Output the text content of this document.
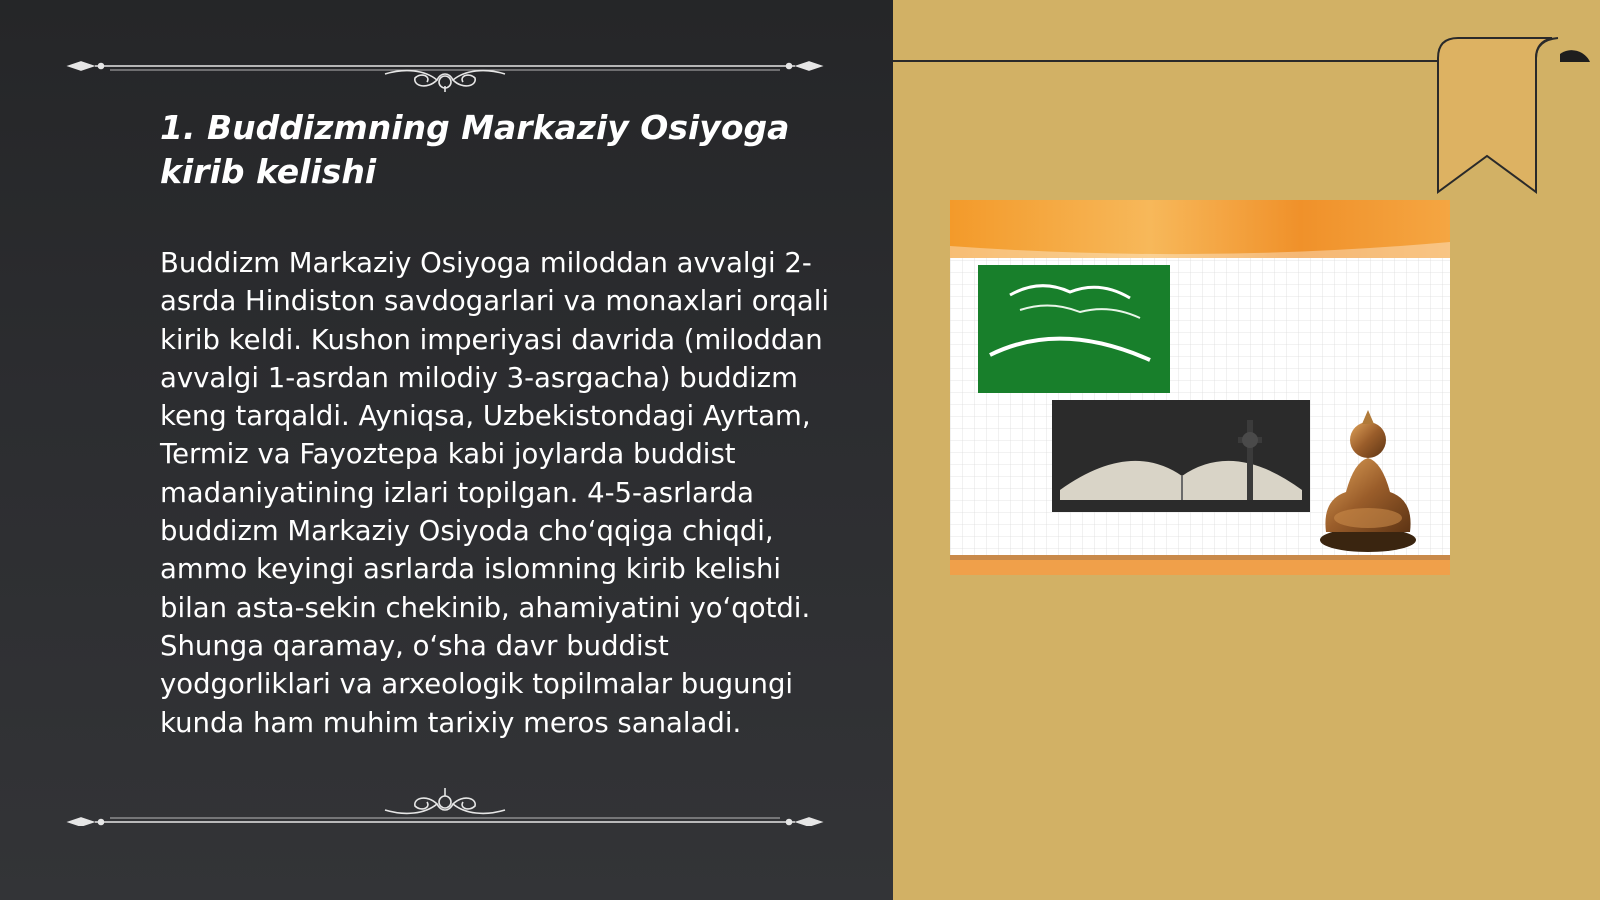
1. Buddizmning Markaziy Osiyoga kirib kelishi

Buddizm Markaziy Osiyoga miloddan avvalgi 2-asrda Hindiston savdogarlari va monaxlari orqali kirib keldi. Kushon imperiyasi davrida (miloddan avvalgi 1-asrdan milodiy 3-asrgacha) buddizm keng tarqaldi. Ayniqsa, Uzbekistondagi Ayrtam, Termiz va Fayoztepa kabi joylarda buddist madaniyatining izlari topilgan. 4-5-asrlarda buddizm Markaziy Osiyoda cho‘qqiga chiqdi, ammo keyingi asrlarda islomning kirib kelishi bilan asta-sekin chekinib, ahamiyatini yo‘qotdi. Shunga qaramay, o‘sha davr buddist yodgorliklari va arxeologik topilmalar bugungi kunda ham muhim tarixiy meros sanaladi.
